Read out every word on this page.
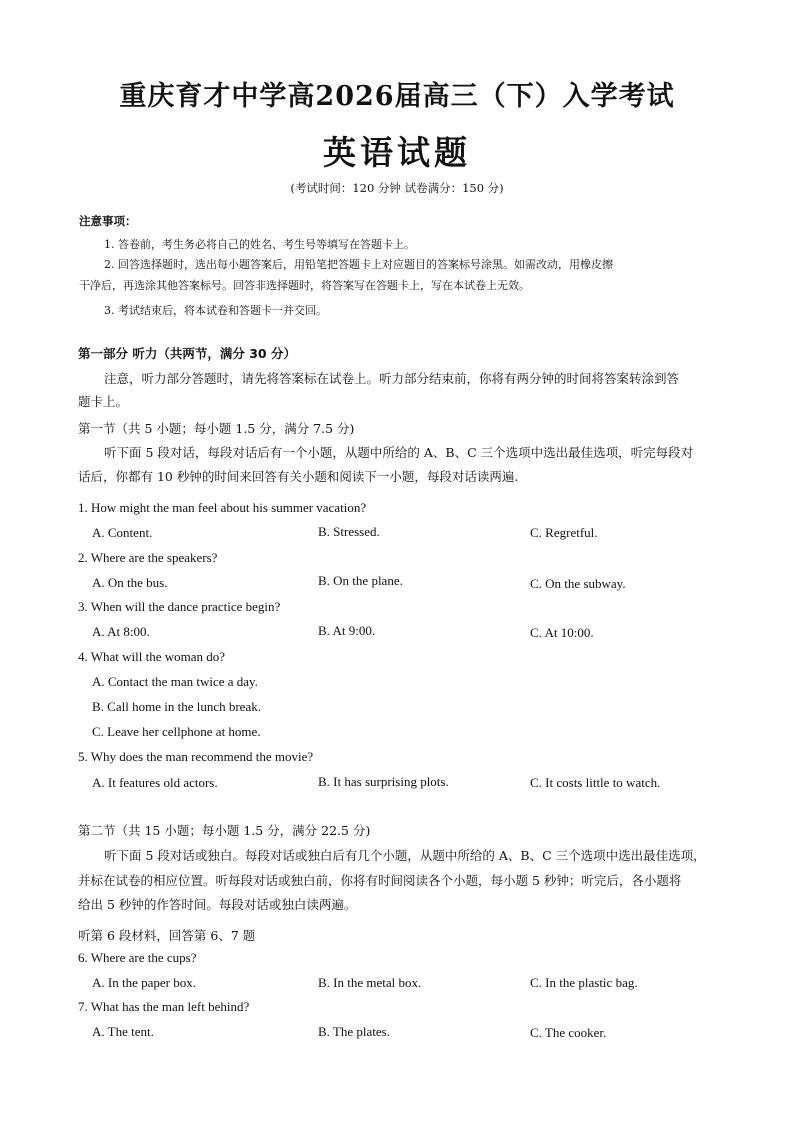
重庆育才中学高2026届高三（下）入学考试
英语试题
(考试时间：120 分钟 试卷满分：150 分)
注意事项：
1. 答卷前，考生务必将自己的姓名、考生号等填写在答题卡上。
2. 回答选择题时，选出每小题答案后，用铅笔把答题卡上对应题目的答案标号涂黑。如需改动，用橡皮擦
干净后，再选涂其他答案标号。回答非选择题时，将答案写在答题卡上，写在本试卷上无效。
3. 考试结束后，将本试卷和答题卡一并交回。
第一部分 听力（共两节，满分 30 分）
注意，听力部分答题时，请先将答案标在试卷上。听力部分结束前，你将有两分钟的时间将答案转涂到答
题卡上。
第一节（共 5 小题；每小题 1.5 分，满分 7.5 分)
听下面 5 段对话，每段对话后有一个小题，从题中所给的 A、B、C 三个选项中选出最佳选项，听完每段对
话后，你都有 10 秒钟的时间来回答有关小题和阅读下一小题，每段对话读两遍.
1. How might the man feel about his summer vacation?
A. Content.	B. Stressed.	C. Regretful.
2. Where are the speakers?
A. On the bus.	B. On the plane.	C. On the subway.
3. When will the dance practice begin?
A. At 8:00.	B. At 9:00.	C. At 10:00.
4. What will the woman do?
A. Contact the man twice a day.
B. Call home in the lunch break.
C. Leave her cellphone at home.
5. Why does the man recommend the movie?
A. It features old actors.	B. It has surprising plots.	C. It costs little to watch.
第二节（共 15 小题；每小题 1.5 分，满分 22.5 分)
听下面 5 段对话或独白。每段对话或独白后有几个小题，从题中所给的 A、B、C 三个选项中选出最佳选项，
并标在试卷的相应位置。听每段对话或独白前，你将有时间阅读各个小题，每小题 5 秒钟；听完后，各小题将
给出 5 秒钟的作答时间。每段对话或独白读两遍。
听第 6 段材料，回答第 6、7 题
6. Where are the cups?
A. In the paper box.	B. In the metal box.	C. In the plastic bag.
7. What has the man left behind?
A. The tent.	B. The plates.	C. The cooker.
